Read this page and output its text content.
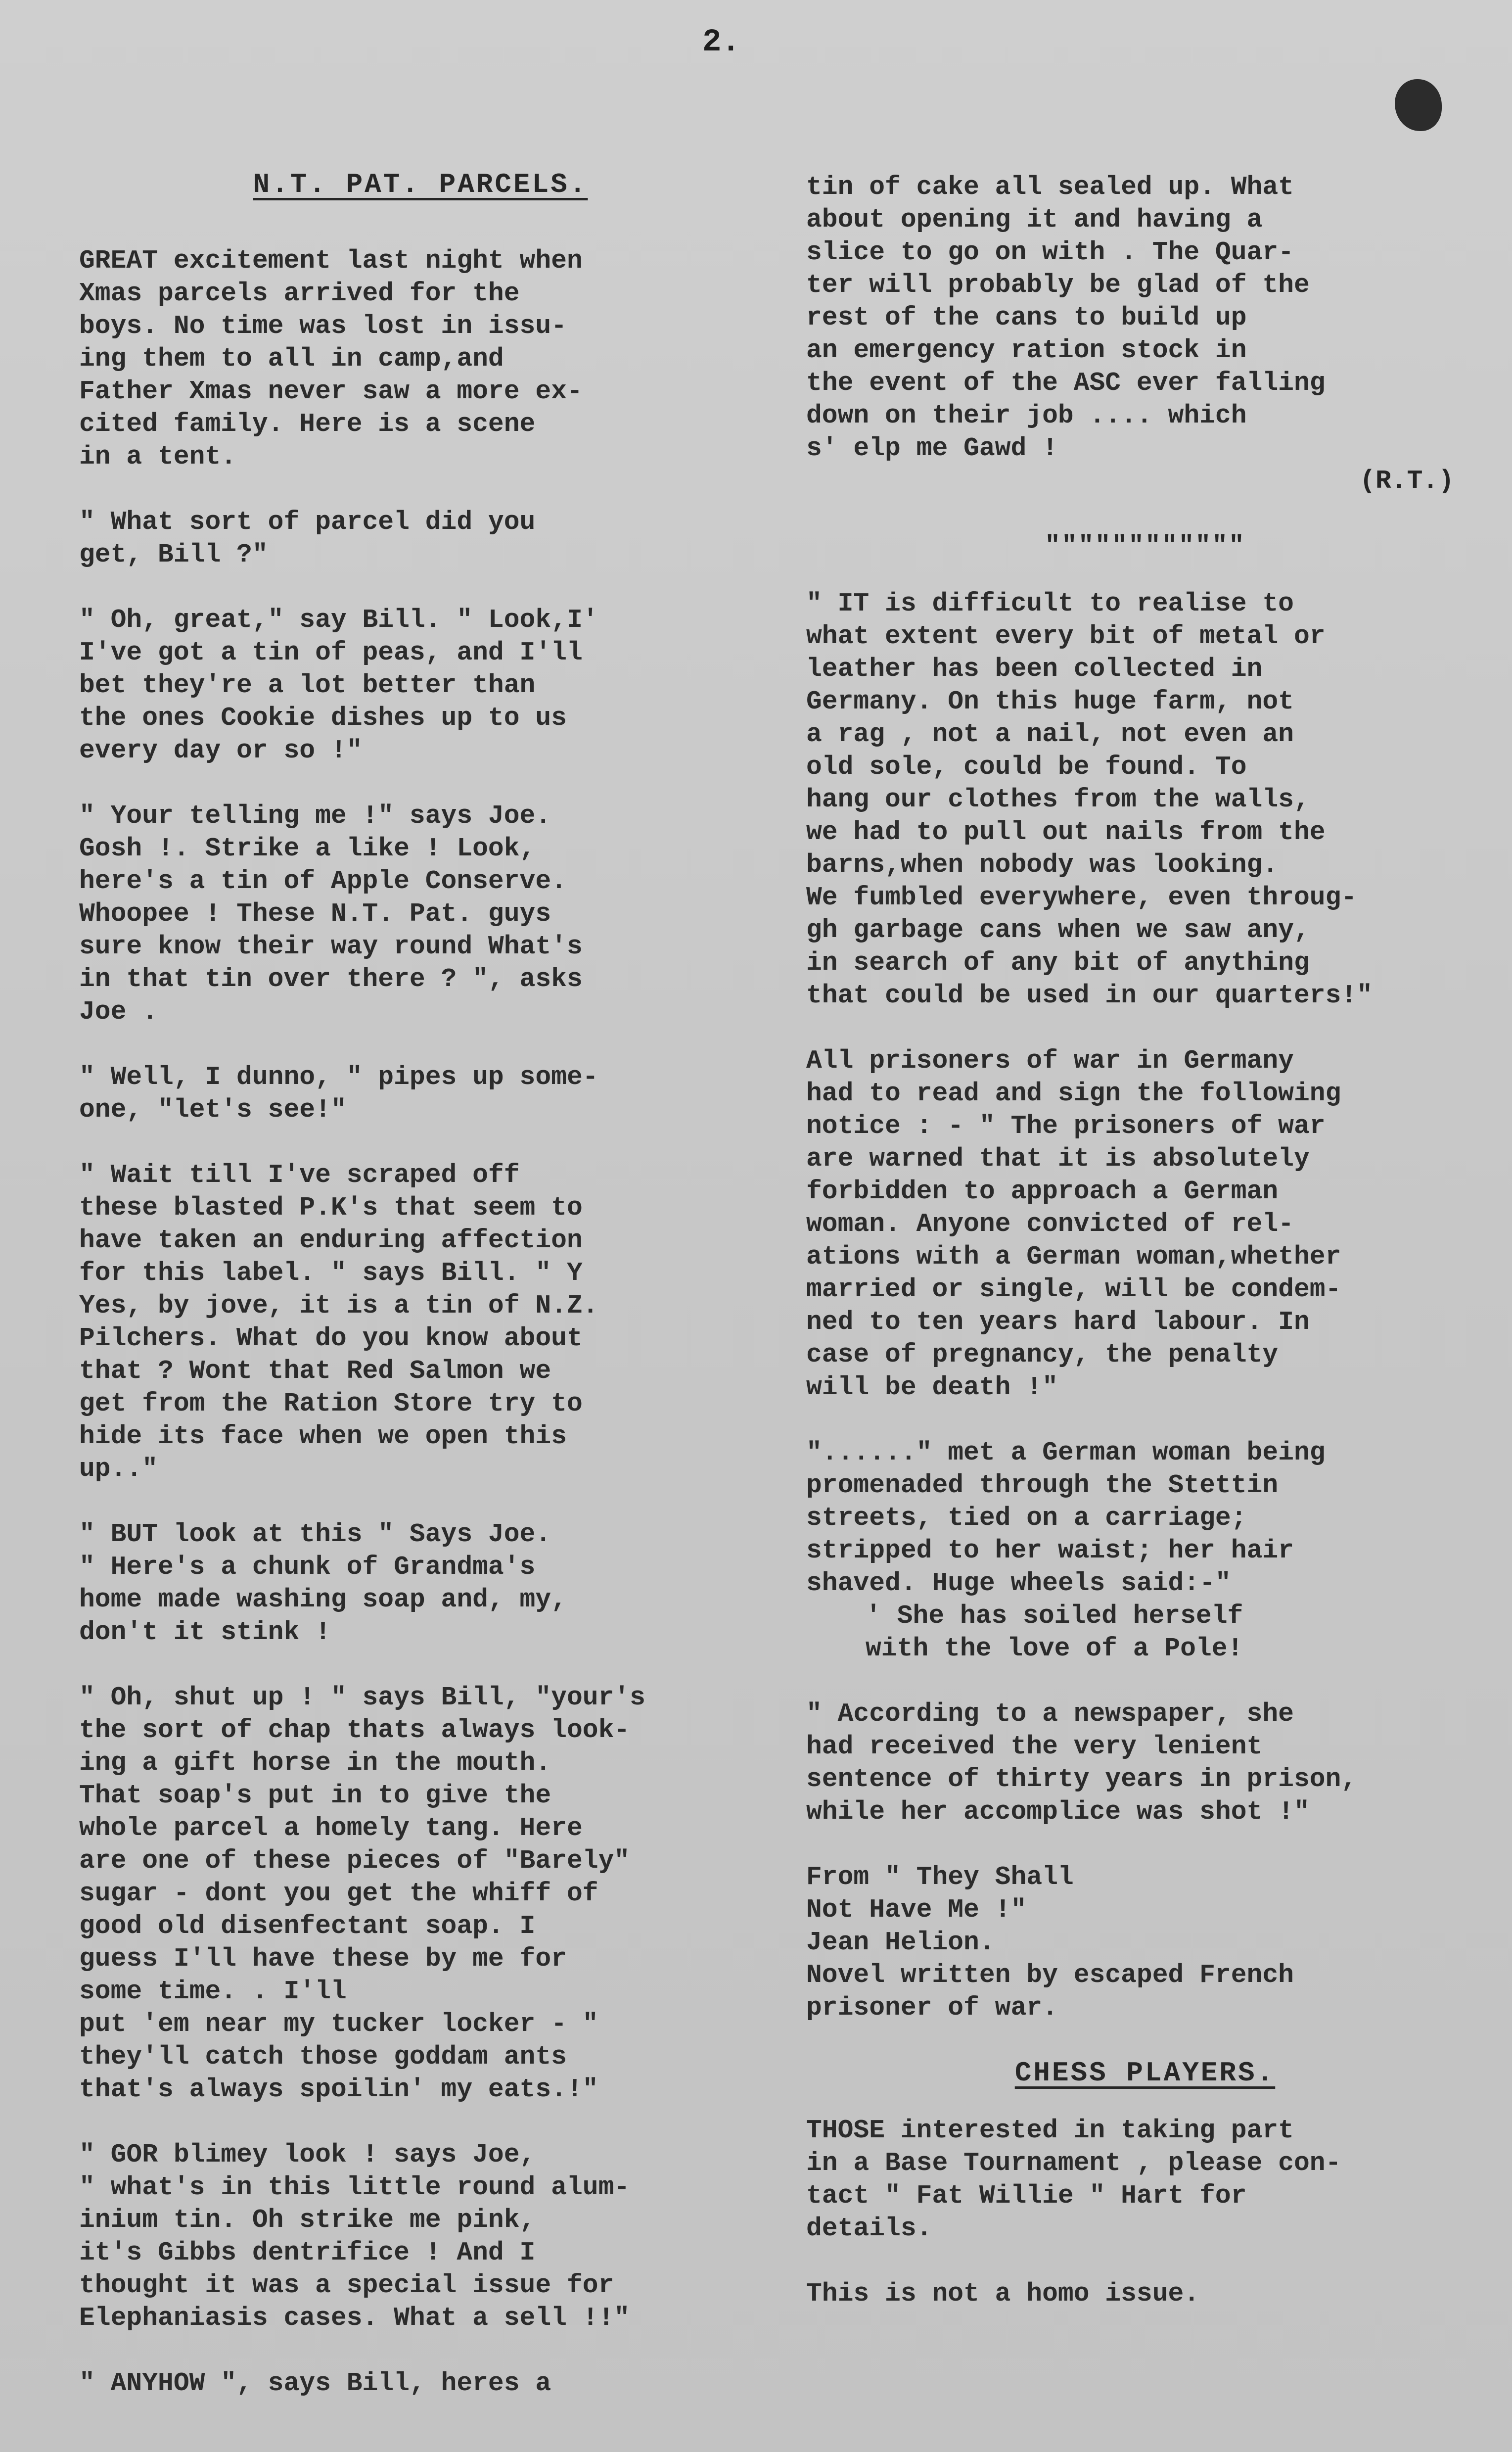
2.
N.T. PAT. PARCELS.

GREAT excitement last night when
Xmas parcels arrived for the
boys. No time was lost in issu-
ing them to all in camp,and
Father Xmas never saw a more ex-
cited family. Here is a scene
in a tent.

" What sort of parcel did you
get, Bill ?"

" Oh, great," say Bill. " Look,I'
I've got a tin of peas, and I'll
bet they're a lot better than
the ones Cookie dishes up to us
every day or so !"

" Your telling me !" says Joe.
Gosh !. Strike a like ! Look,
here's a tin of Apple Conserve.
Whoopee ! These N.T. Pat. guys
sure know their way round What's
in that tin over there ? ", asks
Joe .

" Well, I dunno, " pipes up some-
one, "let's see!"

" Wait till I've scraped off
these blasted P.K's that seem to
have taken an enduring affection
for this label. " says Bill. " Y
Yes, by jove, it is a tin of N.Z.
Pilchers. What do you know about
that ? Wont that Red Salmon we
get from the Ration Store try to
hide its face when we open this
up.."

" BUT look at this " Says Joe.
" Here's a chunk of Grandma's
home made washing soap and, my,
don't it stink !

" Oh, shut up ! " says Bill, "your's
the sort of chap thats always look-
ing a gift horse in the mouth.
That soap's put in to give the
whole parcel a homely tang. Here
are one of these pieces of "Barely"
sugar - dont you get the whiff of
good old disenfectant soap. I
guess I'll have these by me for
some time. . I'll
put 'em near my tucker locker - "
they'll catch those goddam ants
that's always spoilin' my eats.!"

" GOR blimey look ! says Joe,
" what's in this little round alum-
inium tin. Oh strike me pink,
it's Gibbs dentrifice ! And I
thought it was a special issue for
Elephaniasis cases. What a sell !!"

" ANYHOW ", says Bill, heres a

tin of cake all sealed up. What
about opening it and having a
slice to go on with . The Quar-
ter will probably be glad of the
rest of the cans to build up
an emergency ration stock in
the event of the ASC ever falling
down on their job .... which
s' elp me Gawd !

(R.T.)
""""""""""""

" IT is difficult to realise to
what extent every bit of metal or
leather has been collected in
Germany. On this huge farm, not
a rag , not a nail, not even an
old sole, could be found. To
hang our clothes from the walls,
we had to pull out nails from the
barns,when nobody was looking.
We fumbled everywhere, even throug-
gh garbage cans when we saw any,
in search of any bit of anything
that could be used in our quarters!"

All prisoners of war in Germany
had to read and sign the following
notice : - " The prisoners of war
are warned that it is absolutely
forbidden to approach a German
woman. Anyone convicted of rel-
ations with a German woman,whether
married or single, will be condem-
ned to ten years hard labour. In
case of pregnancy, the penalty
will be death !"

"......" met a German woman being
promenaded through the Stettin
streets, tied on a carriage;
stripped to her waist; her hair
shaved. Huge wheels said:-"

' She has soiled herself
with the love of a Pole!

" According to a newspaper, she
had received the very lenient
sentence of thirty years in prison,
while her accomplice was shot !"

From " They Shall
Not Have Me !"
Jean Helion.

Novel written by escaped French
prisoner of war.

CHESS PLAYERS.

THOSE interested in taking part
in a Base Tournament , please con-
tact " Fat Willie " Hart for
details.

This is not a homo issue.
